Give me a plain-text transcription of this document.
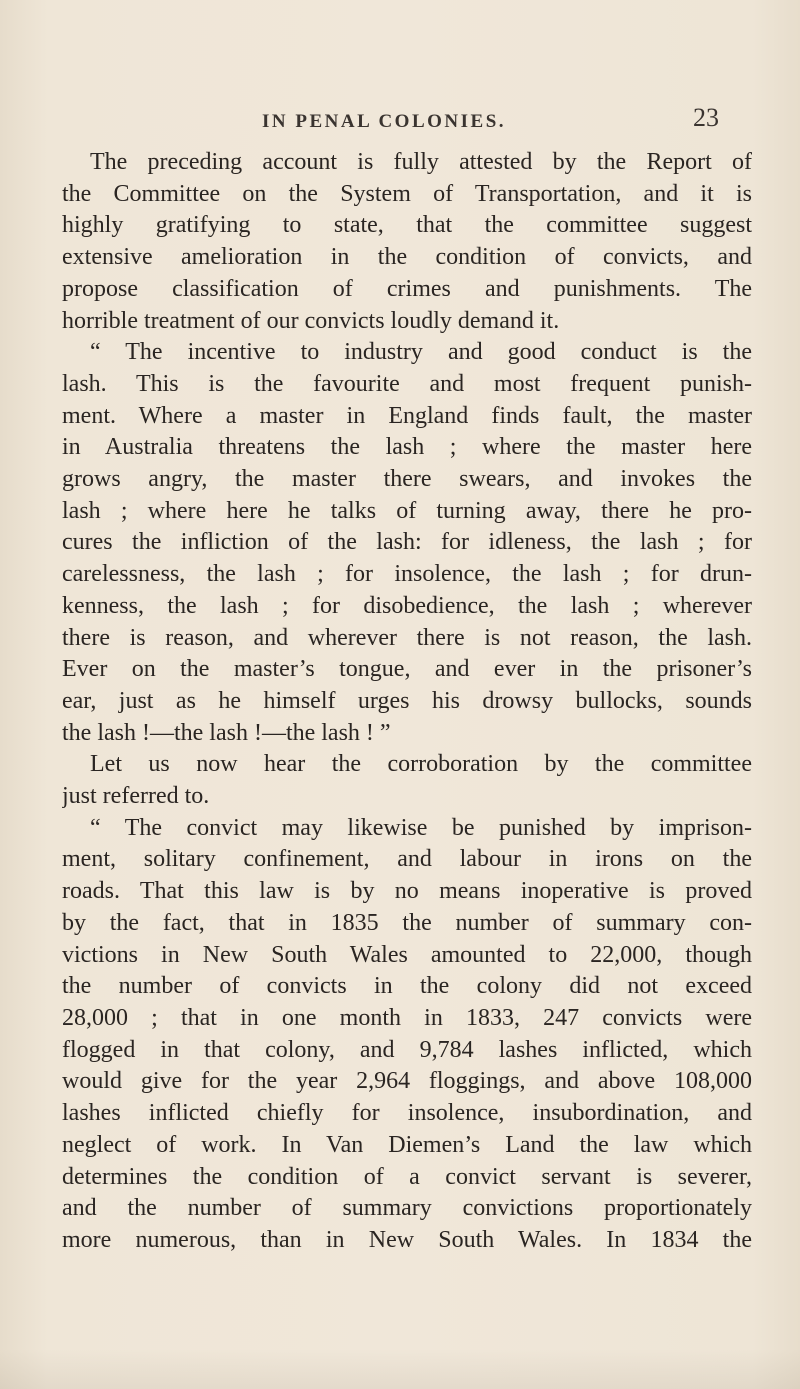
IN PENAL COLONIES.	23

The preceding account is fully attested by the Report of
the Committee on the System of Transportation, and it is
highly gratifying to state, that the committee suggest
extensive amelioration in the condition of convicts, and
propose classification of crimes and punishments. The
horrible treatment of our convicts loudly demand it.

“ The incentive to industry and good conduct is the
lash. This is the favourite and most frequent punish-
ment. Where a master in England finds fault, the master
in Australia threatens the lash ; where the master here
grows angry, the master there swears, and invokes the
lash ; where here he talks of turning away, there he pro-
cures the infliction of the lash: for idleness, the lash ; for
carelessness, the lash ; for insolence, the lash ; for drun-
kenness, the lash ; for disobedience, the lash ; wherever
there is reason, and wherever there is not reason, the lash.
Ever on the master’s tongue, and ever in the prisoner’s
ear, just as he himself urges his drowsy bullocks, sounds
the lash !—the lash !—the lash ! ”

Let us now hear the corroboration by the committee
just referred to.

“ The convict may likewise be punished by imprison-
ment, solitary confinement, and labour in irons on the
roads. That this law is by no means inoperative is proved
by the fact, that in 1835 the number of summary con-
victions in New South Wales amounted to 22,000, though
the number of convicts in the colony did not exceed
28,000 ; that in one month in 1833, 247 convicts were
flogged in that colony, and 9,784 lashes inflicted, which
would give for the year 2,964 floggings, and above 108,000
lashes inflicted chiefly for insolence, insubordination, and
neglect of work. In Van Diemen’s Land the law which
determines the condition of a convict servant is severer,
and the number of summary convictions proportionately
more numerous, than in New South Wales. In 1834 the
